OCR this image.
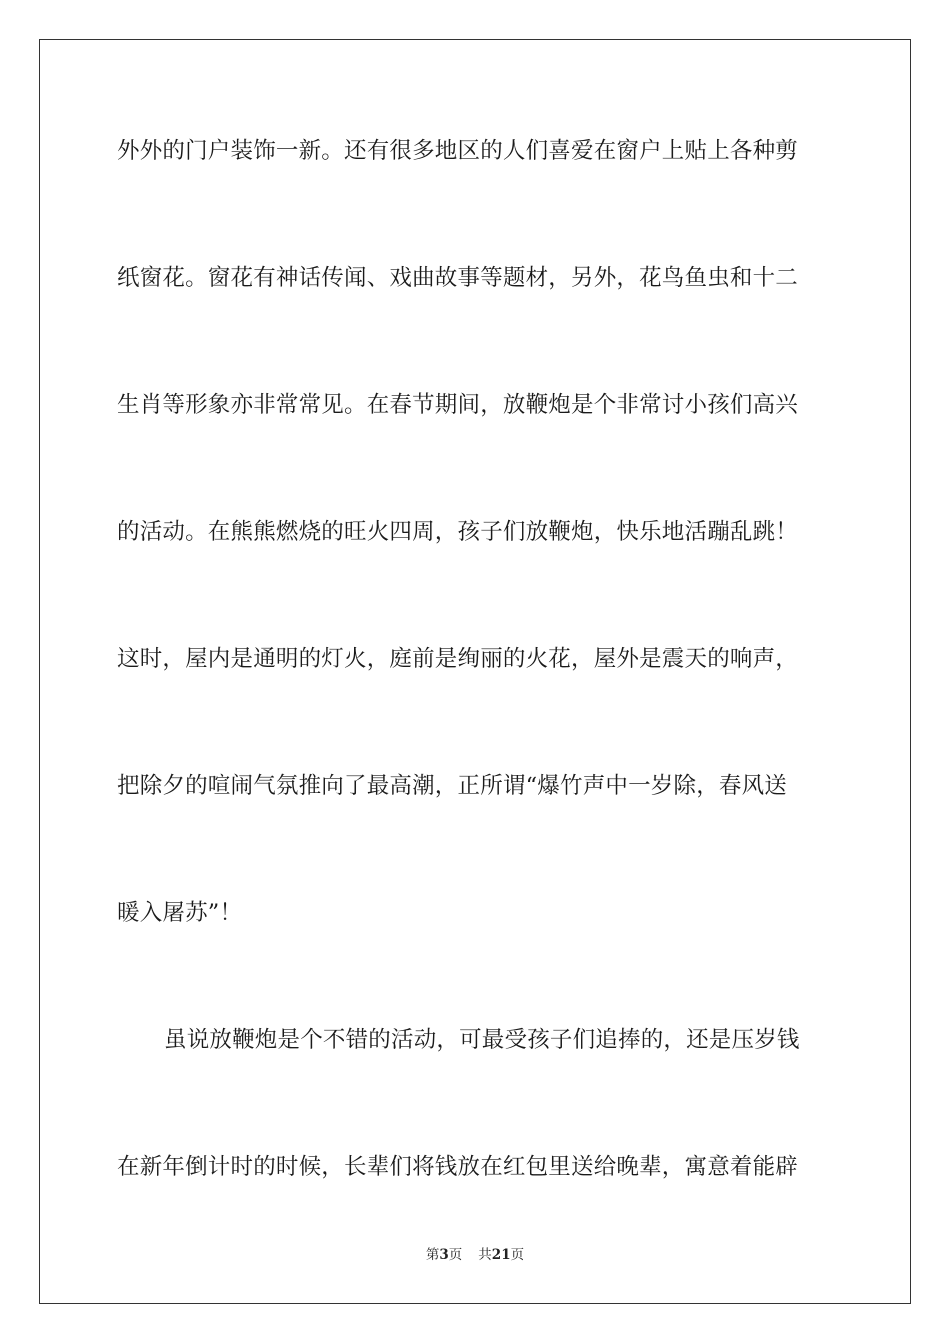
外外的门户装饰一新。还有很多地区的人们喜爱在窗户上贴上各种剪
纸窗花。窗花有神话传闻、戏曲故事等题材，另外，花鸟鱼虫和十二
生肖等形象亦非常常见。在春节期间，放鞭炮是个非常讨小孩们高兴
的活动。在熊熊燃烧的旺火四周，孩子们放鞭炮，快乐地活蹦乱跳！
这时，屋内是通明的灯火，庭前是绚丽的火花，屋外是震天的响声，
把除夕的喧闹气氛推向了最高潮，正所谓“爆竹声中一岁除，春风送
暖入屠苏”！
虽说放鞭炮是个不错的活动，可最受孩子们追捧的，还是压岁钱
在新年倒计时的时候，长辈们将钱放在红包里送给晚辈，寓意着能辟
第3页 共21页
